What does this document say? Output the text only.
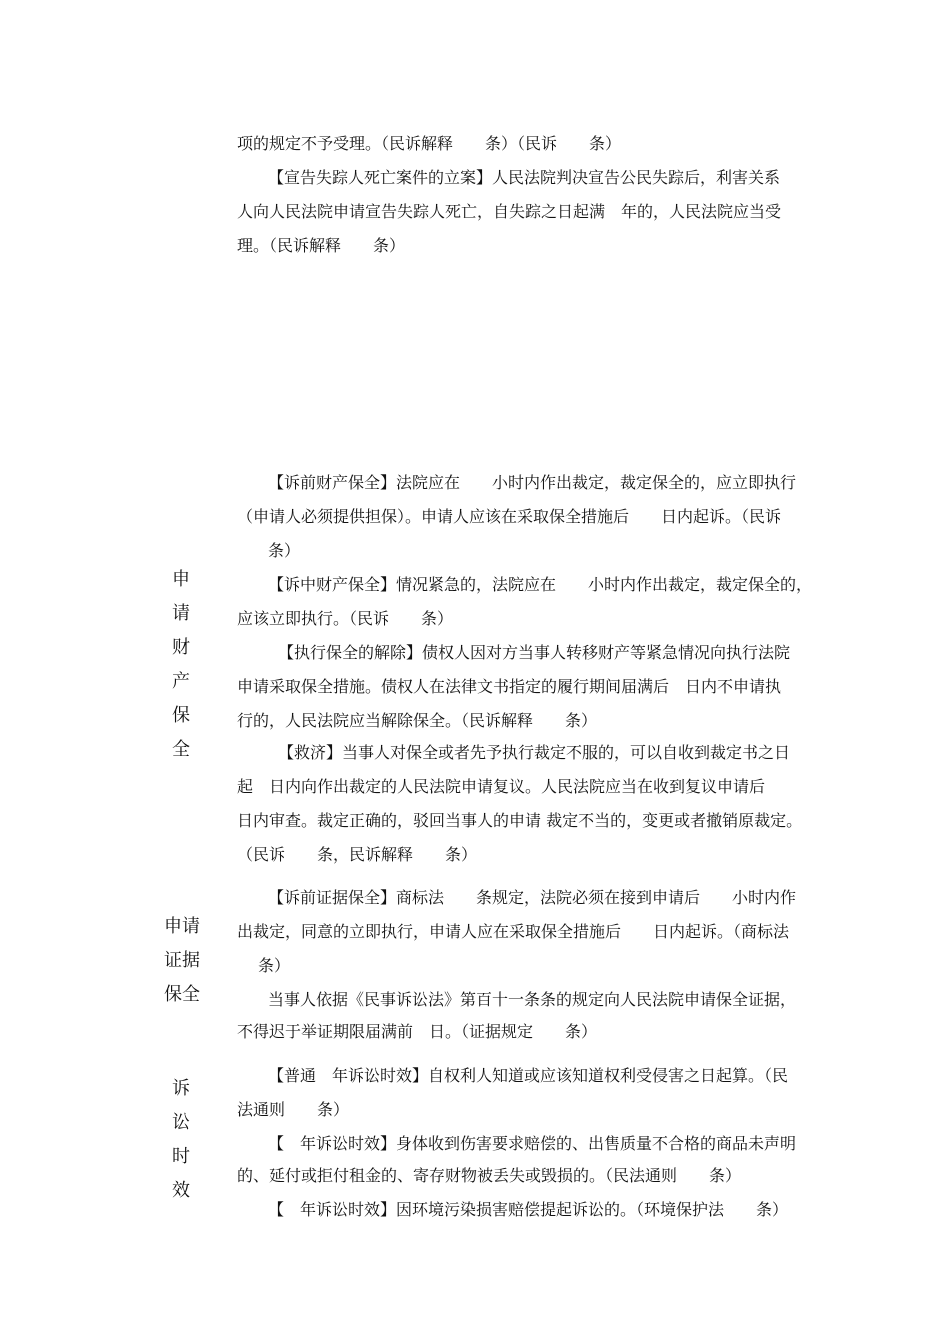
项的规定不予受理。（民诉解释　　条）（民诉　　条）
【宣告失踪人死亡案件的立案】人民法院判决宣告公民失踪后，利害关系
人向人民法院申请宣告失踪人死亡，自失踪之日起满　年的，人民法院应当受
理。（民诉解释　　条）
申
请
财
产
保
全
【诉前财产保全】法院应在　　小时内作出裁定，裁定保全的，应立即执行
（申请人必须提供担保）。申请人应该在采取保全措施后　　日内起诉。（民诉
条）
【诉中财产保全】情况紧急的，法院应在　　小时内作出裁定，裁定保全的，
应该立即执行。（民诉　　条）
【执行保全的解除】债权人因对方当事人转移财产等紧急情况向执行法院
申请采取保全措施。债权人在法律文书指定的履行期间届满后　日内不申请执
行的，人民法院应当解除保全。（民诉解释　　条）
【救济】当事人对保全或者先予执行裁定不服的，可以自收到裁定书之日
起　日内向作出裁定的人民法院申请复议。人民法院应当在收到复议申请后
日内审查。裁定正确的，驳回当事人的申请 裁定不当的，变更或者撤销原裁定。
（民诉　　条，民诉解释　　条）
申请
证据
保全
【诉前证据保全】商标法　　条规定，法院必须在接到申请后　　小时内作
出裁定，同意的立即执行，申请人应在采取保全措施后　　日内起诉。（商标法
条）
当事人依据《民事诉讼法》第百十一条条的规定向人民法院申请保全证据，
不得迟于举证期限届满前　日。（证据规定　　条）
诉
讼
时
效
【普通　年诉讼时效】自权利人知道或应该知道权利受侵害之日起算。（民
法通则　　条）
【　年诉讼时效】身体收到伤害要求赔偿的、出售质量不合格的商品未声明
的、延付或拒付租金的、寄存财物被丢失或毁损的。（民法通则　　条）
【　年诉讼时效】因环境污染损害赔偿提起诉讼的。（环境保护法　　条）
